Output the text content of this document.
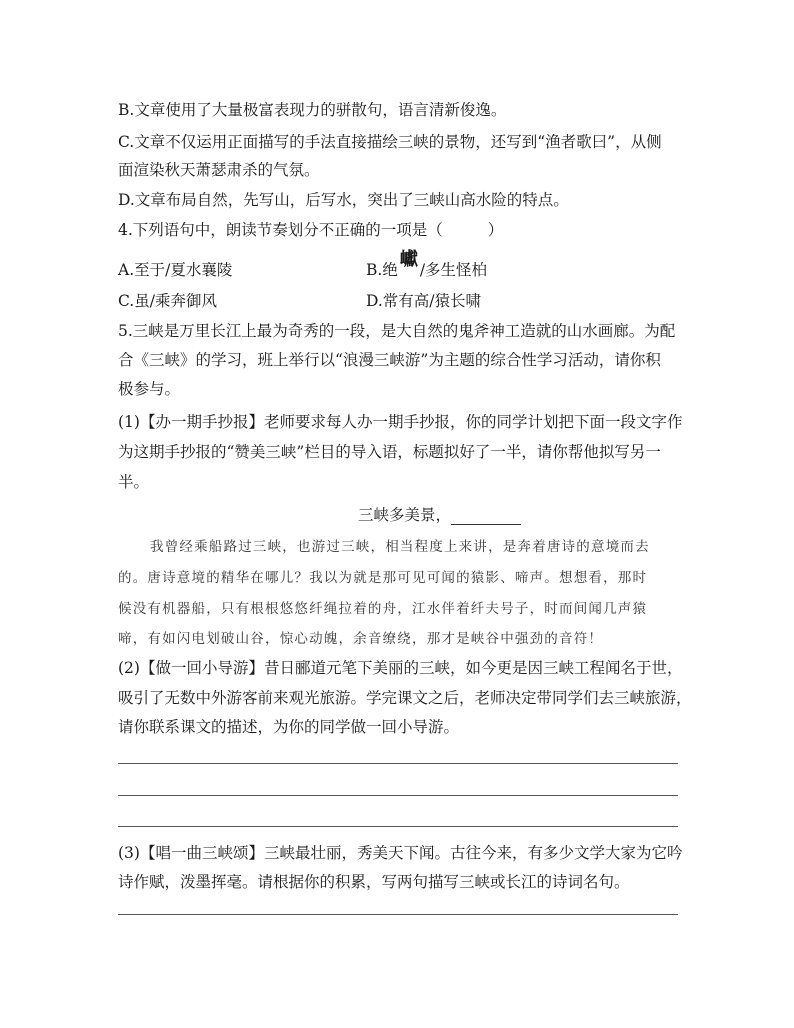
B.文章使用了大量极富表现力的骈散句，语言清新俊逸。
C.文章不仅运用正面描写的手法直接描绘三峡的景物，还写到“渔者歌曰”，从侧
面渲染秋天萧瑟肃杀的气氛。
D.文章布局自然，先写山，后写水，突出了三峡山高水险的特点。
4.下列语句中，朗读节奏划分不正确的一项是（	）
A.至于/夏水襄陵	B.绝 巘 /多生怪柏
C.虽/乘奔御风	D.常有高/猿长啸
5.三峡是万里长江上最为奇秀的一段，是大自然的鬼斧神工造就的山水画廊。为配
合《三峡》的学习，班上举行以“浪漫三峡游”为主题的综合性学习活动，请你积
极参与。
(1)【办一期手抄报】老师要求每人办一期手抄报，你的同学计划把下面一段文字作
为这期手抄报的“赞美三峡”栏目的导入语，标题拟好了一半，请你帮他拟写另一
半。
三峡多美景，
我曾经乘船路过三峡，也游过三峡，相当程度上来讲，是奔着唐诗的意境而去
的。唐诗意境的精华在哪儿？我以为就是那可见可闻的猿影、啼声。想想看，那时
候没有机器船，只有根根悠悠纤绳拉着的舟，江水伴着纤夫号子，时而间闻几声猿
啼，有如闪电划破山谷，惊心动魄，余音缭绕，那才是峡谷中强劲的音符！
(2)【做一回小导游】昔日郦道元笔下美丽的三峡，如今更是因三峡工程闻名于世，
吸引了无数中外游客前来观光旅游。学完课文之后，老师决定带同学们去三峡旅游，
请你联系课文的描述，为你的同学做一回小导游。
(3)【唱一曲三峡颂】三峡最壮丽，秀美天下闻。古往今来，有多少文学大家为它吟
诗作赋，泼墨挥毫。请根据你的积累，写两句描写三峡或长江的诗词名句。
